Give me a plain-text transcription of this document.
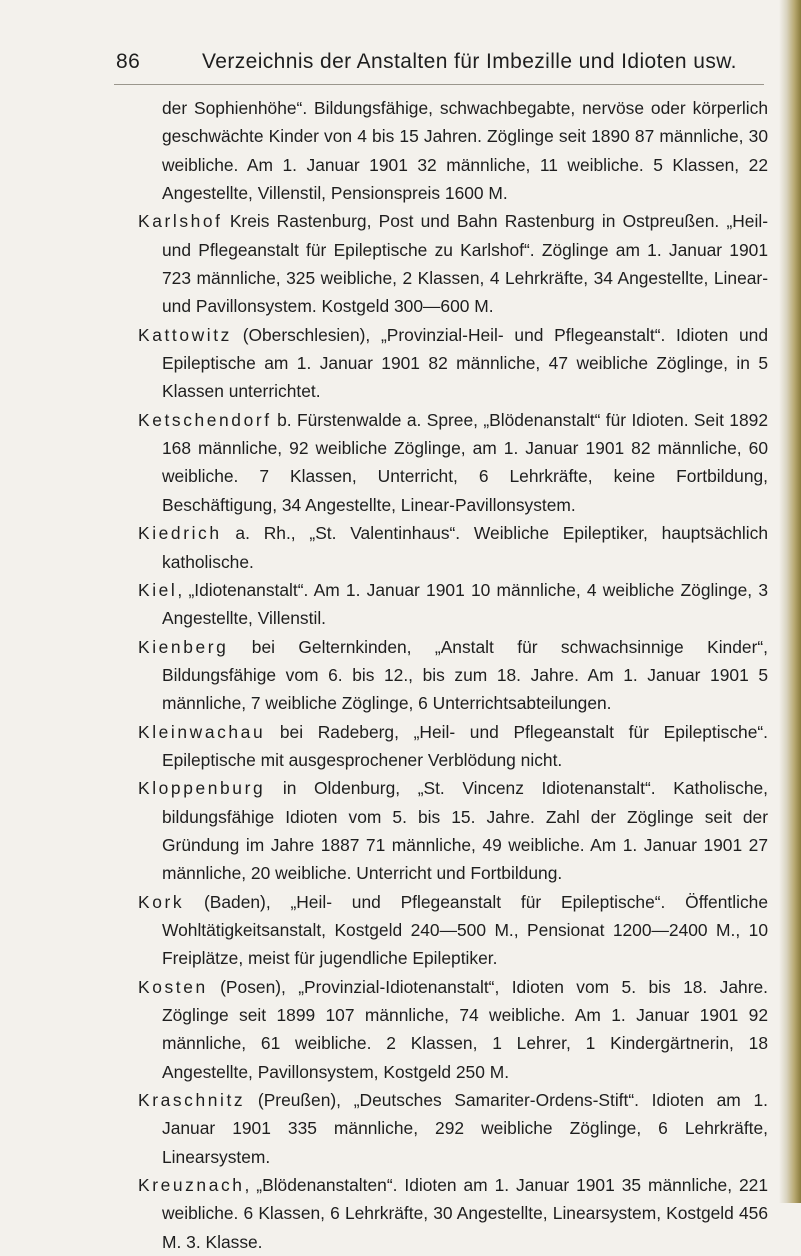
86	Verzeichnis der Anstalten für Imbezille und Idioten usw.

der Sophienhöhe“. Bildungsfähige, schwachbegabte, nervöse oder körperlich geschwächte Kinder von 4 bis 15 Jahren. Zöglinge seit 1890 87 männliche, 30 weibliche. Am 1. Januar 1901 32 männliche, 11 weibliche. 5 Klassen, 22 Angestellte, Villenstil, Pensionspreis 1600 M.

Karlshof Kreis Rastenburg, Post und Bahn Rastenburg in Ostpreußen. „Heil- und Pflegeanstalt für Epileptische zu Karlshof“. Zöglinge am 1. Januar 1901 723 männliche, 325 weibliche, 2 Klassen, 4 Lehrkräfte, 34 Angestellte, Linear- und Pavillonsystem. Kostgeld 300—600 M.

Kattowitz (Oberschlesien), „Provinzial-Heil- und Pflegeanstalt“. Idioten und Epileptische am 1. Januar 1901 82 männliche, 47 weibliche Zöglinge, in 5 Klassen unterrichtet.

Ketschendorf b. Fürstenwalde a. Spree, „Blödenanstalt“ für Idioten. Seit 1892 168 männliche, 92 weibliche Zöglinge, am 1. Januar 1901 82 männliche, 60 weibliche. 7 Klassen, Unterricht, 6 Lehrkräfte, keine Fortbildung, Beschäftigung, 34 Angestellte, Linear-Pavillonsystem.

Kiedrich a. Rh., „St. Valentinhaus“. Weibliche Epileptiker, hauptsächlich katholische.

Kiel, „Idiotenanstalt“. Am 1. Januar 1901 10 männliche, 4 weibliche Zöglinge, 3 Angestellte, Villenstil.

Kienberg bei Gelternkinden, „Anstalt für schwachsinnige Kinder“, Bildungsfähige vom 6. bis 12., bis zum 18. Jahre. Am 1. Januar 1901 5 männliche, 7 weibliche Zöglinge, 6 Unterrichtsabteilungen.

Kleinwachau bei Radeberg, „Heil- und Pflegeanstalt für Epileptische“. Epileptische mit ausgesprochener Verblödung nicht.

Kloppenburg in Oldenburg, „St. Vincenz Idiotenanstalt“. Katholische, bildungsfähige Idioten vom 5. bis 15. Jahre. Zahl der Zöglinge seit der Gründung im Jahre 1887 71 männliche, 49 weibliche. Am 1. Januar 1901 27 männliche, 20 weibliche. Unterricht und Fortbildung.

Kork (Baden), „Heil- und Pflegeanstalt für Epileptische“. Öffentliche Wohltätigkeitsanstalt, Kostgeld 240—500 M., Pensionat 1200—2400 M., 10 Freiplätze, meist für jugendliche Epileptiker.

Kosten (Posen), „Provinzial-Idiotenanstalt“, Idioten vom 5. bis 18. Jahre. Zöglinge seit 1899 107 männliche, 74 weibliche. Am 1. Januar 1901 92 männliche, 61 weibliche. 2 Klassen, 1 Lehrer, 1 Kindergärtnerin, 18 Angestellte, Pavillonsystem, Kostgeld 250 M.

Kraschnitz (Preußen), „Deutsches Samariter-Ordens-Stift“. Idioten am 1. Januar 1901 335 männliche, 292 weibliche Zöglinge, 6 Lehrkräfte, Linearsystem.

Kreuznach, „Blödenanstalten“. Idioten am 1. Januar 1901 35 männliche, 221 weibliche. 6 Klassen, 6 Lehrkräfte, 30 Angestellte, Linearsystem, Kostgeld 456 M. 3. Klasse.
